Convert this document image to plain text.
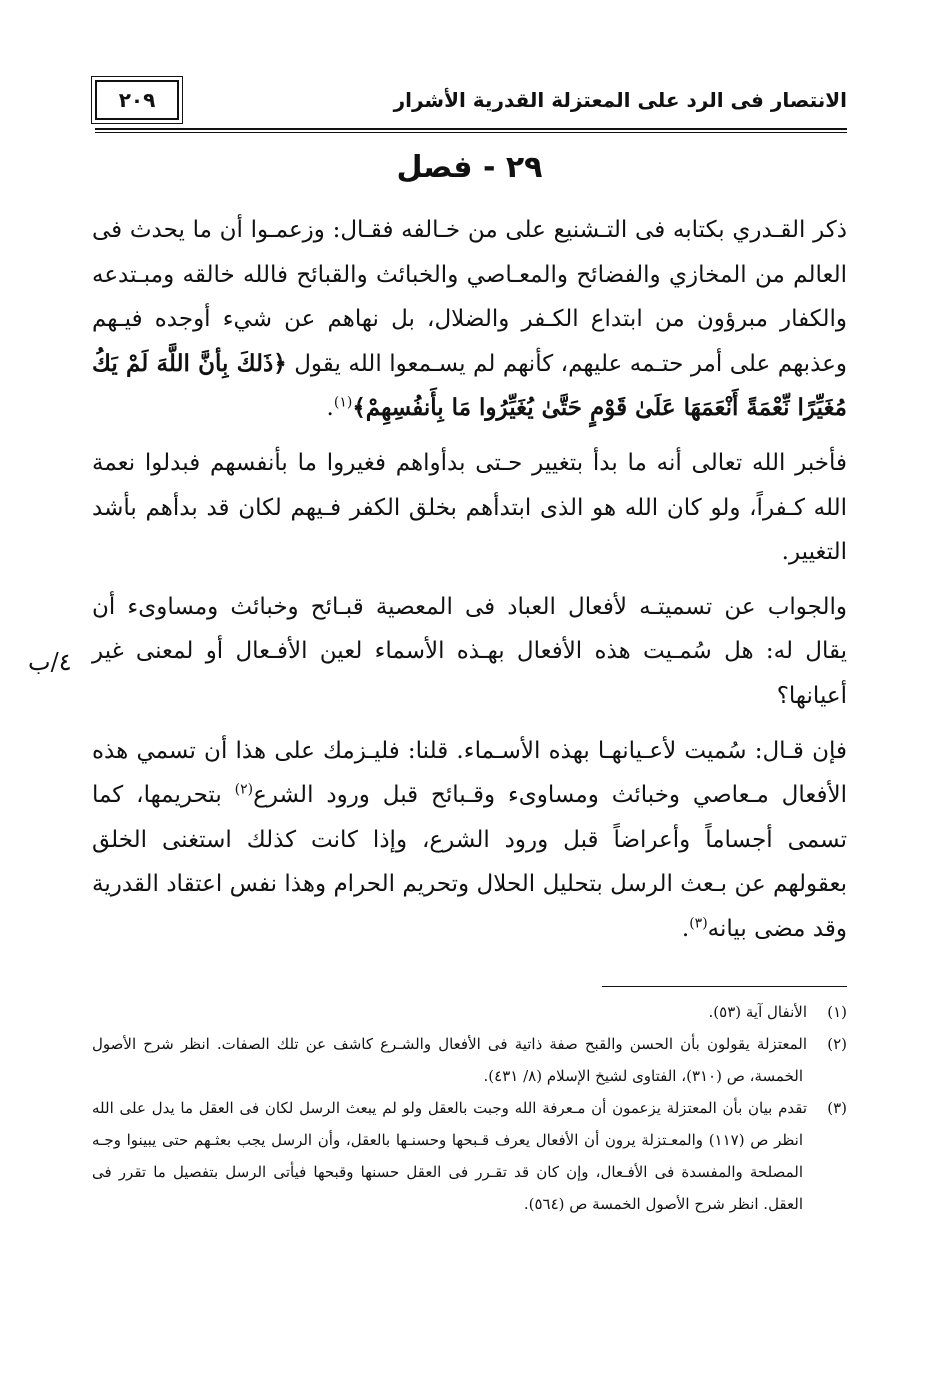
الانتصار فى الرد على المعتزلة القدرية الأشرار
٢٠٩
٢٩ - فصل

ذكر القـدري بكتابه فى التـشنيع على من خـالفه فقـال: وزعمـوا أن ما يحدث فى العالم من المخازي والفضائح والمعـاصي والخبائث والقبائح فالله خالقه ومبـتدعه والكفار مبرؤون من ابتداع الكـفر والضلال، بل نهاهم عن شيء أوجده فيـهم وعذبهم على أمر حتـمه عليهم، كأنهم لم يسـمعوا الله يقول ﴿ذَلكَ بِأنَّ اللَّهَ لَمْ يَكُ مُغَيِّرًا نِّعْمَةً أَنْعَمَهَا عَلَىٰ قَوْمٍ حَتَّىٰ يُغَيِّرُوا مَا بِأَنفُسِهِمْ﴾$^{(١)}$.

فأخبر الله تعالى أنه ما بدأ بتغيير حـتى بدأواهم فغيروا ما بأنفسهم فبدلوا نعمة الله كـفراً، ولو كان الله هو الذى ابتدأهم بخلق الكفر فـيهم لكان قد بدأهم بأشد التغيير.

والجواب عن تسميتـه لأفعال العباد فى المعصية قبـائح وخبائث ومساوىء أن يقال له: هل سُمـيت هذه الأفعال بهـذه الأسماء لعين الأفـعال أو لمعنى غير أعيانها؟

فإن قـال: سُميت لأعـيانهـا بهذه الأسـماء. قلنا: فليـزمك على هذا أن تسمي هذه الأفعال مـعاصي وخبائث ومساوىء وقـبائح قبل ورود الشرع$^{(٢)}$ بتحريمها، كما تسمى أجساماً وأعراضاً قبل ورود الشرع، وإذا كانت كذلك استغنى الخلق بعقولهم عن بـعث الرسل بتحليل الحلال وتحريم الحرام وهذا نفس اعتقاد القدرية وقد مضى بيانه$^{(٣)}$.

٤/ب

(١)الأنفال آية (٥٣).

(٢)المعتزلة يقولون بأن الحسن والقبح صفة ذاتية فى الأفعال والشـرع كاشف عن تلك الصفات. انظر شرح الأصول الخمسة، ص (٣١٠)، الفتاوى لشيخ الإسلام (٨/ ٤٣١).

(٣)تقدم بيان بأن المعتزلة يزعمون أن مـعرفة الله وجبت بالعقل ولو لم يبعث الرسل لكان فى العقل ما يدل على الله انظر ص (١١٧) والمعـتزلة يرون أن الأفعال يعرف قـبحها وحسنـها بالعقل، وأن الرسل يجب بعثـهم حتى يبينوا وجـه المصلحة والمفسدة فى الأفـعال، وإن كان قد تقـرر فى العقل حسنها وقبحها فيأتى الرسل بتفصيل ما تقرر فى العقل. انظر شرح الأصول الخمسة ص (٥٦٤).
